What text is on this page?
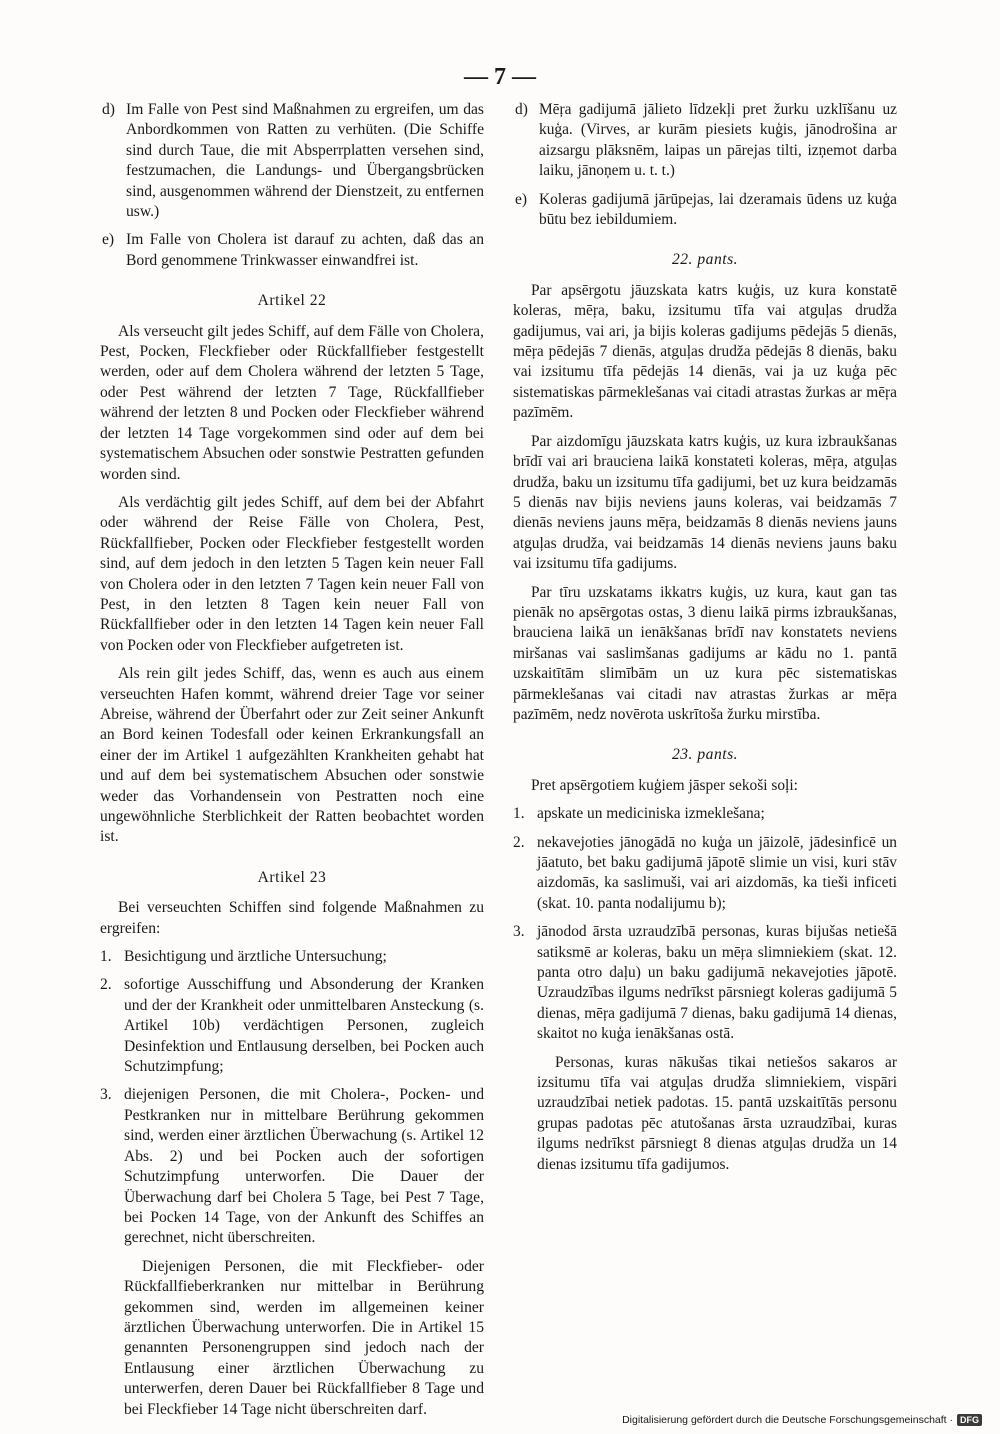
— 7 —
d) Im Falle von Pest sind Maßnahmen zu ergreifen, um das Anbordkommen von Ratten zu verhüten. (Die Schiffe sind durch Taue, die mit Absperrplatten versehen sind, festzumachen, die Landungs- und Übergangsbrücken sind, ausgenommen während der Dienstzeit, zu entfernen usw.)
e) Im Falle von Cholera ist darauf zu achten, daß das an Bord genommene Trinkwasser einwandfrei ist.
Artikel 22

Als verseucht gilt jedes Schiff, auf dem Fälle von Cholera, Pest, Pocken, Fleckfieber oder Rückfallfieber festgestellt werden, oder auf dem Cholera während der letzten 5 Tage, oder Pest während der letzten 7 Tage, Rückfallfieber während der letzten 8 und Pocken oder Fleckfieber während der letzten 14 Tage vorgekommen sind oder auf dem bei systematischem Absuchen oder sonstwie Pestratten gefunden worden sind.

Als verdächtig gilt jedes Schiff, auf dem bei der Abfahrt oder während der Reise Fälle von Cholera, Pest, Rückfallfieber, Pocken oder Fleckfieber festgestellt worden sind, auf dem jedoch in den letzten 5 Tagen kein neuer Fall von Cholera oder in den letzten 7 Tagen kein neuer Fall von Pest, in den letzten 8 Tagen kein neuer Fall von Rückfallfieber oder in den letzten 14 Tagen kein neuer Fall von Pocken oder von Fleckfieber aufgetreten ist.

Als rein gilt jedes Schiff, das, wenn es auch aus einem verseuchten Hafen kommt, während dreier Tage vor seiner Abreise, während der Überfahrt oder zur Zeit seiner Ankunft an Bord keinen Todesfall oder keinen Erkrankungsfall an einer der im Artikel 1 aufgezählten Krankheiten gehabt hat und auf dem bei systematischem Absuchen oder sonstwie weder das Vorhandensein von Pestratten noch eine ungewöhnliche Sterblichkeit der Ratten beobachtet worden ist.

Artikel 23
Bei verseuchten Schiffen sind folgende Maßnahmen zu ergreifen:
1. Besichtigung und ärztliche Untersuchung;
2. sofortige Ausschiffung und Absonderung der Kranken und der der Krankheit oder unmittelbaren Ansteckung (s. Artikel 10b) verdächtigen Personen, zugleich Desinfektion und Entlausung derselben, bei Pocken auch Schutzimpfung;
3. diejenigen Personen, die mit Cholera-, Pocken- und Pestkranken nur in mittelbare Berührung gekommen sind, werden einer ärztlichen Überwachung (s. Artikel 12 Abs. 2) und bei Pocken auch der sofortigen Schutzimpfung unterworfen. Die Dauer der Überwachung darf bei Cholera 5 Tage, bei Pest 7 Tage, bei Pocken 14 Tage, von der Ankunft des Schiffes an gerechnet, nicht überschreiten.
Diejenigen Personen, die mit Fleckfieber- oder Rückfallfieberkranken nur mittelbar in Berührung gekommen sind, werden im allgemeinen keiner ärztlichen Überwachung unterworfen. Die in Artikel 15 genannten Personengruppen sind jedoch nach der Entlausung einer ärztlichen Überwachung zu unterwerfen, deren Dauer bei Rückfallfieber 8 Tage und bei Fleckfieber 14 Tage nicht überschreiten darf.
d) Mēŗa gadijumā jālieto līdzekļi pret žurku uzklīšanu uz kuģa. (Virves, ar kurām piesiets kuģis, jānodrošina ar aizsargu plāksnēm, laipas un pārejas tilti, izņemot darba laiku, jānoņem u. t. t.)
e) Koleras gadijumā jārūpejas, lai dzeramais ūdens uz kuģa būtu bez iebildumiem.
22. pants.

Par apsērgotu jāuzskata katrs kuģis, uz kura konstatē koleras, mēŗa, baku, izsitumu tīfa vai atguļas drudža gadijumus, vai ari, ja bijis koleras gadijums pēdejās 5 dienās, mēŗa pēdejās 7 dienās, atguļas drudža pēdejās 8 dienās, baku vai izsitumu tīfa pēdejās 14 dienās, vai ja uz kuģa pēc sistematiskas pārmeklešanas vai citadi atrastas žurkas ar mēŗa pazīmēm.

Par aizdomīgu jāuzskata katrs kuģis, uz kura izbraukšanas brīdī vai ari brauciena laikā konstateti koleras, mēŗa, atguļas drudža, baku un izsitumu tīfa gadijumi, bet uz kura beidzamās 5 dienās nav bijis neviens jauns koleras, vai beidzamās 7 dienās neviens jauns mēŗa, beidzamās 8 dienās neviens jauns atguļas drudža, vai beidzamās 14 dienās neviens jauns baku vai izsitumu tīfa gadijums.

Par tīru uzskatams ikkatrs kuģis, uz kura, kaut gan tas pienāk no apsērgotas ostas, 3 dienu laikā pirms izbraukšanas, brauciena laikā un ienākšanas brīdī nav konstatets neviens miršanas vai saslimšanas gadijums ar kādu no 1. pantā uzskaitītām slimībām un uz kura pēc sistematiskas pārmeklešanas vai citadi nav atrastas žurkas ar mēŗa pazīmēm, nedz novērota uskrītoša žurku mirstība.

23. pants.
Pret apsērgotiem kuģiem jāsper sekoši soļi:
1. apskate un mediciniska izmeklešana;
2. nekavejoties jānogādā no kuģa un jāizolē, jādesinficē un jāatuto, bet baku gadijumā jāpotē slimie un visi, kuri stāv aizdomās, ka saslimuši, vai ari aizdomās, ka tieši inficeti (skat. 10. panta nodalijumu b);
3. jānodod ārsta uzraudzībā personas, kuras bijušas netiešā satiksmē ar koleras, baku un mēŗa slimniekiem (skat. 12. panta otro daļu) un baku gadijumā nekavejoties jāpotē. Uzraudzības ilgums nedrīkst pārsniegt koleras gadijumā 5 dienas, mēŗa gadijumā 7 dienas, baku gadijumā 14 dienas, skaitot no kuģa ienākšanas ostā.
Personas, kuras nākušas tikai netiešos sakaros ar izsitumu tīfa vai atguļas drudža slimniekiem, vispāri uzraudzībai netiek padotas. 15. pantā uzskaitītās personu grupas padotas pēc atutošanas ārsta uzraudzībai, kuras ilgums nedrīkst pārsniegt 8 dienas atguļas drudža un 14 dienas izsitumu tīfa gadijumos.
Digitalisierung gefördert durch die Deutsche Forschungsgemeinschaft · DFG
